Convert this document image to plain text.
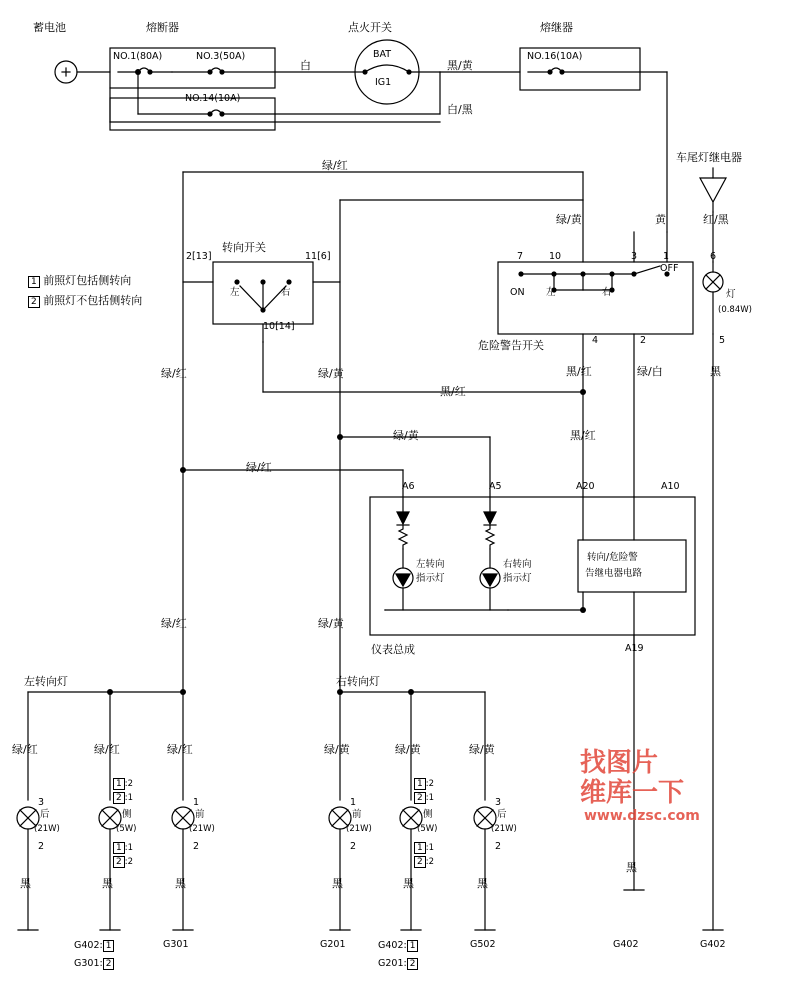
蓄电池	熔断器	点火开关	熔继器
NO.1(80A)	NO.3(50A)
NO.14(10A)
NO.16(10A)
BAT
IG1
白	黑/黄
白/黑
绿/红
绿/黄	黄	红/黑
车尾灯继电器
1 前照灯包括侧转向
2 前照灯不包括侧转向
转向开关
2[13]	11[6]
10[14]
左	右
危险警告开关
ON
OFF
左	右
7	10	3	1	6
4	2	5
灯
(0.84W)
绿/红	绿/黄	黑/红	绿/白	黑
黑/红
绿/黄	黑/红
绿/红
绿/红	绿/黄
仪表总成
A6	A5	A20	A10
A19
左转向
指示灯
右转向
指示灯
转向/危险警
告继电器电路
左转向灯	右转向灯
绿/红	绿/红	绿/红	绿/黄	绿/黄	绿/黄
3
后
(21W)
2
侧
(5W)
1 :2
2 :1
1 :1
2 :2
1
前
(21W)
2
1
前
(21W)
2
侧
(5W)
1 :2
2 :1
1 :1
2 :2
3
后
(21W)
2
黑	黑	黑	黑	黑	黑
黑
G402: 1
G301: 2
G301	G201	G402: 1
G201: 2
G502	G402	G402
找图片
维库一下
www.dzsc.com
